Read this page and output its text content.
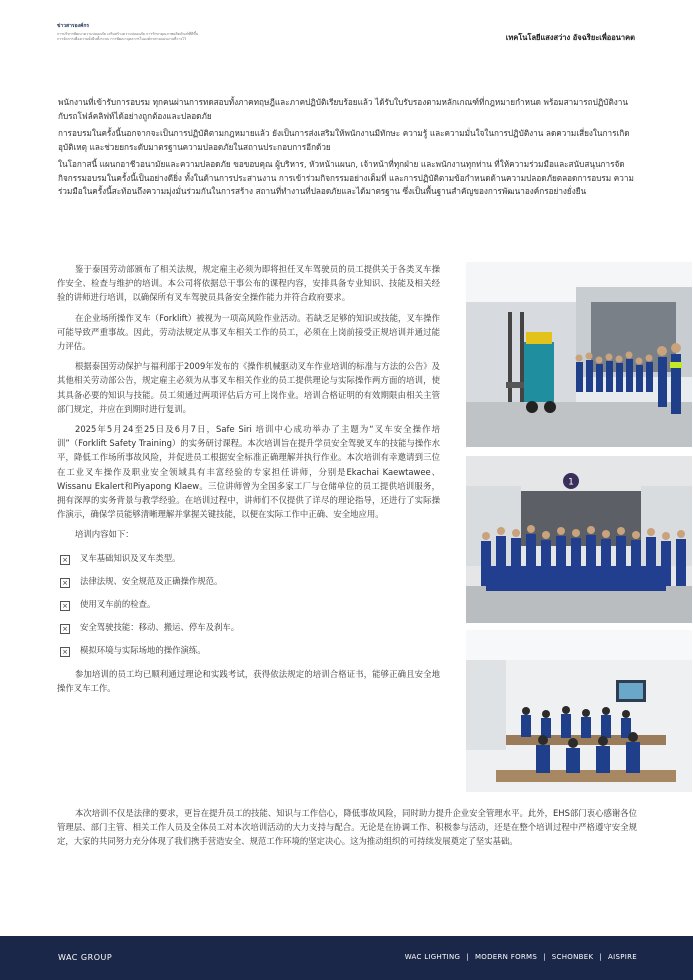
ข่าวสารองค์กร
การบริหารพัฒนาความปลอดภัย เสริมสร้างความปลอดภัย การรักษาคุณภาพผลิตภัณฑ์ที่ดีขึ้น
การจัดการเพื่อความยั่งยืนทั้งระบบ การพัฒนาบุคลากรในองค์กรตามแผนงานที่วางไว้	เทคโนโลยีแสงสว่าง อัจฉริยะเพื่ออนาคต

พนักงานที่เข้ารับการอบรม ทุกคนผ่านการทดสอบทั้งภาคทฤษฎีและภาคปฏิบัติเรียบร้อยแล้ว ได้รับใบรับรองตามหลักเกณฑ์ที่กฎหมายกำหนด พร้อมสามารถปฏิบัติงานกับรถโฟล์คลิฟท์ได้อย่างถูกต้องและปลอดภัย

การอบรมในครั้งนี้นอกจากจะเป็นการปฏิบัติตามกฎหมายแล้ว ยังเป็นการส่งเสริมให้พนักงานมีทักษะ ความรู้ และความมั่นใจในการปฏิบัติงาน ลดความเสี่ยงในการเกิดอุบัติเหตุ และช่วยยกระดับมาตรฐานความปลอดภัยในสถานประกอบการอีกด้วย

ในโอกาสนี้ แผนกอาชีวอนามัยและความปลอดภัย ขอขอบคุณ ผู้บริหาร, หัวหน้าแผนก, เจ้าหน้าที่ทุกฝ่าย และพนักงานทุกท่าน ที่ให้ความร่วมมือและสนับสนุนการจัดกิจกรรมอบรมในครั้งนี้เป็นอย่างดียิ่ง ทั้งในด้านการประสานงาน การเข้าร่วมกิจกรรมอย่างเต็มที่ และการปฏิบัติตามข้อกำหนดด้านความปลอดภัยตลอดการอบรม ความร่วมมือในครั้งนี้สะท้อนถึงความมุ่งมั่นร่วมกันในการสร้าง สถานที่ทำงานที่ปลอดภัยและได้มาตรฐาน ซึ่งเป็นพื้นฐานสำคัญของการพัฒนาองค์กรอย่างยั่งยืน

鉴于泰国劳动部颁布了相关法规，规定雇主必须为即将担任叉车驾驶员的员工提供关于各类叉车操作安全、检查与维护的培训。本公司将依据总干事公布的课程内容，安排具备专业知识、技能及相关经验的讲师进行培训，以确保所有叉车驾驶员具备安全操作能力并符合政府要求。

在企业场所操作叉车（Forklift）被视为一项高风险作业活动。若缺乏足够的知识或技能，叉车操作可能导致严重事故。因此，劳动法规定从事叉车相关工作的员工，必须在上岗前接受正规培训并通过能力评估。

根据泰国劳动保护与福利部于2009年发布的《操作机械驱动叉车作业培训的标准与方法的公告》及其他相关劳动部公告，规定雇主必须为从事叉车相关作业的员工提供理论与实际操作两方面的培训，使其具备必要的知识与技能。员工须通过两项评估后方可上岗作业。培训合格证明的有效期限由相关主管部门规定，并应在到期时进行复训。

2025年5月24至25日及6月7日，Safe Siri 培训中心成功举办了主题为“叉车安全操作培训”（Forklift Safety Training）的实务研讨课程。本次培训旨在提升学员安全驾驶叉车的技能与操作水平，降低工作场所事故风险，并促进员工根据安全标准正确理解并执行作业。本次培训有幸邀请到三位在工业叉车操作及职业安全领域具有丰富经验的专家担任讲师，分别是Ekachai Kaewtawee、Wissanu Ekalert和Piyapong Klaew。三位讲师曾为全国多家工厂与仓储单位的员工提供培训服务，拥有深厚的实务背景与教学经验。在培训过程中，讲师们不仅提供了详尽的理论指导，还进行了实际操作演示，确保学员能够清晰理解并掌握关键技能，以便在实际工作中正确、安全地应用。

培训内容如下：

× 叉车基础知识及叉车类型。

× 法律法规、安全规范及正确操作规范。

× 使用叉车前的检查。

× 安全驾驶技能：移动、搬运、停车及刹车。

× 模拟环境与实际场地的操作演练。

参加培训的员工均已顺利通过理论和实践考试，获得依法规定的培训合格证书，能够正确且安全地操作叉车工作。

本次培训不仅是法律的要求，更旨在提升员工的技能、知识与工作信心，降低事故风险，同时助力提升企业安全管理水平。此外，EHS部门衷心感谢各位管理层、部门主管、相关工作人员及全体员工对本次培训活动的大力支持与配合。无论是在协调工作、积极参与活动，还是在整个培训过程中严格遵守安全规定，大家的共同努力充分体现了我们携手营造安全、规范工作环境的坚定决心。这为推动组织的可持续发展奠定了坚实基础。

1
WAC GROUP	WAC LIGHTING | MODERN FORMS | SCHONBEK | AISPIRE
